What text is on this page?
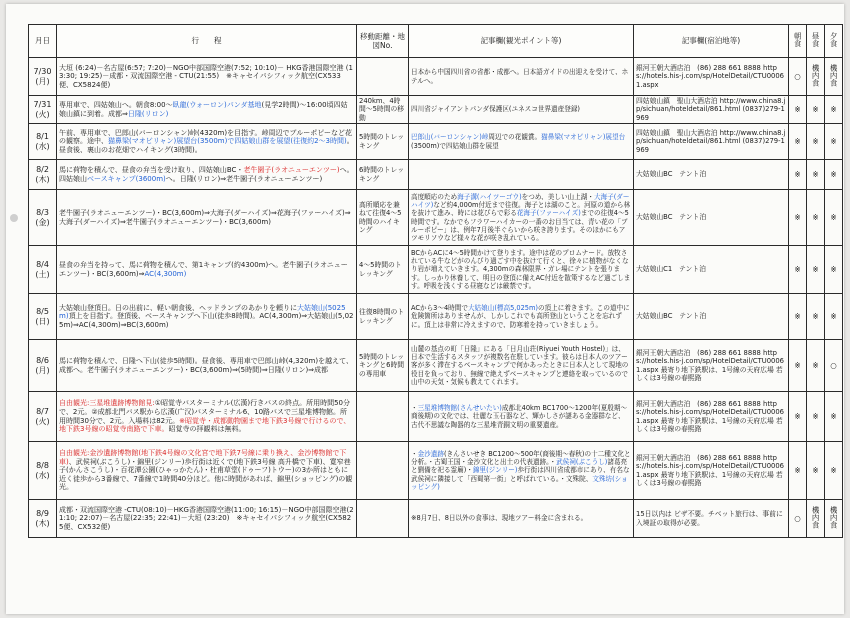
月日	行　　程	移動距離・地図No.	記事欄(観光ポイント等)	記事欄(宿泊地等)	朝食	昼食	夕食

7/30
(月)	大垣 (6:24)－名古屋(6:57; 7:20)－NGO中部国際空港(7:52; 10:10)－ HKG香港国際空港 (13:30; 19:25)－成都・双流国際空港 - CTU(21:55)　※キャセイパシフィック航空(CX533便、CX5824便)		日本から中国四川省の省都・成都へ。日本語ガイドの出迎えを受けて、ホテルへ。	銀河王朝大酒店泊　(86) 288 661 8888 https://hotels.his-j.com/sp/HotelDetail/CTU00061.aspx	○	機内食	機内食

7/31
(火)	専用車で、四姑娘山へ。朝食8:00～臥龍(ウォーロン)パンダ基地(見学2時間)～16:00頃四姑娘山鎮に到着。成都⇒日隆(リロン)	240km、4時間～5時間の移動	四川省ジャイアントパンダ保護区(ユネスコ世界遺産登録)	四姑娘山鎮　聖山大酒店泊 http://www.china8.jp/sichuan/hoteldetail/861.html (0837)279-1969	※	※	※

8/1
(水)	午前、専用車で、巴郎山(バーロンシャン)峠(4320m)を目指す。峠周辺でブルーポピーなど花の観察。途中、猫鼻梁(マオビリャン)展望台(3500m)で四姑娘山群を展望(往復約2～3時間)。昼食後、裏山のお花畑でハイキング(3時間)。	5時間のトレッキング	巴郎山(バーロンシャン)峠周辺での花観賞。猫鼻梁(マオビリャン)展望台(3500m)で四姑娘山群を展望	四姑娘山鎮　聖山大酒店泊 http://www.china8.jp/sichuan/hoteldetail/861.html (0837)279-1969	※	※	※

8/2
(木)	馬に荷物を積んで、昼食の弁当を受け取り、四姑娘山BC・老牛園子(ラオニューエンツー)へ。四姑娘山ベースキャンプ(3600m)へ。日隆(リロン)⇒老牛園子(ラオニューエンツー)	6時間のトレッキング		大姑娘山BC　テント泊	※	※	※

8/3
(金)	老牛園子(ラオニューエンツー)・BC(3,600m)⇒大海子(ダーハイズ)⇒花海子(ファーハイズ)⇒大海子(ダーハイズ)⇒老牛園子(ラオニューエンツー)・BC(3,600m)	高所順応を兼ねて往復4～5時間のハイキング	高度順応のため海子溝(ハイツーゴウ)をつめ、美しい山上湖・大海子(ダーハイツ)など約4,000m付近まで往復。海子とは湖のこと。河原の道から林を抜けて進み、時には花びらで彩る花海子(ファーハイズ)までの往復4～5時間です。なかでもフラワーハイカーの一番のお目当ては、青い花の「ブルーポピー」は、例年7月後半ぐらいから咲き誇ります。そのほかにもアツモリソウなど様々な花が咲き乱れている。	大姑娘山BC　テント泊	※	※	※

8/4
(土)	昼食の弁当を持って、馬に荷物を積んで、第1キャンプ(約4300m)へ。老牛園子(ラオニューエンツー)・BC(3,600m)⇒AC(4,300m)	4～5時間のトレッキング	BCからACに4～5時間かけて登ります。途中は花のプロムナード。放牧されている牛などがのんびり過ごす中を抜けて行くと、徐々に植物がなくなり岩が増えていきます。4,300mの森林限界・ガレ場にテントを張ります。しっかり休養して、明日の登頂に備えAC付近を散策するなど過ごします。呼吸を浅くする昼寝などは厳禁です。	大姑娘山C1　テント泊	※	※	※

8/5
(日)	大姑娘山登頂日。日の出前に、軽い朝食後、ヘッドランプのあかりを頼りに大姑娘山(5025m)頂上を目指す。登頂後、ベースキャンプへ下山(徒歩8時間)。AC(4,300m)⇒大姑娘山(5,025m)⇒AC(4,300m)⇒BC(3,600m)	往復8時間のトレッキング	ACから3～4時間で大姑娘山(標高5,025m)の頂上に着きます。この道中に危険箇所はありませんが、しかしこれでも高所登山ということを忘れずに。頂上は非常に冷えますので、防寒着を持っていきましょう。	大姑娘山BC　テント泊	※	※	※

8/6
(月)	馬に荷物を積んで、日隆へ下山(徒歩5時間)。昼食後、専用車で巴郎山峠(4,320m)を越えて、成都へ。老牛園子(ラオニューエンツー)・BC(3,600m)⇒(5時間)⇒日隆(リロン)⇒成都	5時間のトレッキングと6時間の専用車	山麓の基点の町「日隆」にある「日月山荘(Riyuei Youth Hostel)」は、日本で生活するスタッフが複数名在駐しています。彼らは日本人のツアー客が多く滞在するベースキャンプで何かあったときに日本人として現地の役目を負っており、無線で絶えずベースキャンプと連絡を取っているので山中の天気・気候も教えてくれます。	銀河王朝大酒店泊　(86) 288 661 8888 https://hotels.his-j.com/sp/HotelDetail/CTU00061.aspx 最寄り地下鉄駅は、1号線の天府広場 若しくは3号線の春熙路	※	※	○

8/7
(火)	自由観光:三星堆遺跡博物館見:①昭覚寺バスターミナル(広漢)行きバスの終点。所用時間50分で、2元。②成都北門バス駅から広漢(广汉)バスターミナル6、10路バスで三星堆博物館。所用時間30分で、2元。入場料は82元。※昭覚寺・成都動物園まで地下鉄3号線で行けるので、地下鉄3号線の昭覚寺南路で下車。昭覚寺の拝観料は無料。		・三星堆博物館(さんせいたい)成都北40km BC1700～1200年(夏殷期～商後期)の文化では、壮麗な玉石器など、輝かしさが謎ある金器群など、古代不思議な陶器的な三星堆青銅文明の重要遺産。	銀河王朝大酒店泊　(86) 288 661 8888 https://hotels.his-j.com/sp/HotelDetail/CTU00061.aspx 最寄り地下鉄駅は、1号線の天府広場 若しくは3号線の春熙路	※	※	※

8/8
(水)	自由観光:金沙遺跡博物館(地下鉄4号線の文化宮で地下鉄7号線に乗り換え、金沙博物館で下車)、武侯祠(ぶこうし)・錦里(ジンリー)歩行街は近くで(地下鉄3号線 高升橋で下車)、寛窄巷子(かんさこうし)・百花潭公園(ひゃっかたん)・杜甫草堂(ドゥーフ)トウー)の3か所はともに近く徒歩から3番線で、7番線で1時間40分ほど。他に時間があれば、錦里(ショッピング)の観光。		・金沙遺跡(きんさいせき BC1200～500年(商後期～春秋)の十二種文化と分析。・古蜀王国・金沙文化と出土の代表遺跡。・武侯祠(ぶこうし)諸葛亮と劉備を祀る霊廟)・錦里(ジンリー)歩行街は四川省成都市にあり、有名な武侯祠に隣接して「西蜀第一街」と呼ばれている。・文殊院、文殊坊(ショッピング)	銀河王朝大酒店泊　(86) 288 661 8888 https://hotels.his-j.com/sp/HotelDetail/CTU00061.aspx 最寄り地下鉄駅は、1号線の天府広場 若しくは3号線の春熙路	※	※	※

8/9
(木)	成都・双流国際空港 -CTU(08:10)－HKG香港国際空港(11:00; 16:15)－NGO中部国際空港(21:10; 22:07)－名古屋(22:35; 22:41)－大垣 (23:20)　※キャセイパシフィック航空(CX5825便、CX532便)		※8月7日、8日以外の食事は、現地ツアー料金に含まれる。	15日以内は ビザ不要。チベット旅行は、事前に入境証の取得が必要。	○	機内食	機内食
